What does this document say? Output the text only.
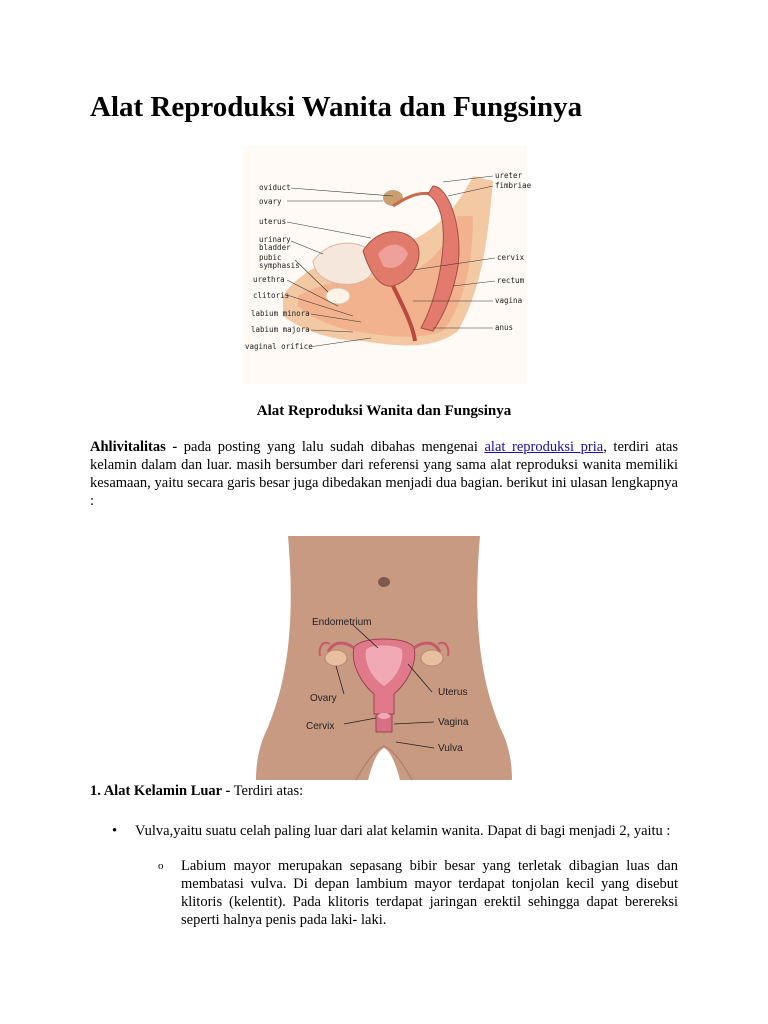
Alat Reproduksi Wanita dan Fungsinya
oviduct
ovary
uterus
urinary
bladder
pubic
symphasis
urethra
clitoris
labium minora
labium majora
vaginal orifice
ureter
fimbriae
cervix
rectum
vagina
anus

Alat Reproduksi Wanita dan Fungsinya

Ahlivitalitas - pada posting yang lalu sudah dibahas mengenai alat reproduksi pria, terdiri atas kelamin dalam dan luar. masih bersumber dari referensi yang sama alat reproduksi wanita memiliki kesamaan, yaitu secara garis besar juga dibedakan menjadi dua bagian. berikut ini ulasan lengkapnya :

Endometrium
Ovary
Uterus
Cervix	Vagina
Vulva

1. Alat Kelamin Luar - Terdiri atas:

• Vulva,yaitu suatu celah paling luar dari alat kelamin wanita. Dapat di bagi menjadi 2, yaitu :
o Labium mayor merupakan sepasang bibir besar yang terletak dibagian luas dan membatasi vulva. Di depan lambium mayor terdapat tonjolan kecil yang disebut klitoris (kelentit). Pada klitoris terdapat jaringan erektil sehingga dapat berereksi seperti halnya penis pada laki- laki.
